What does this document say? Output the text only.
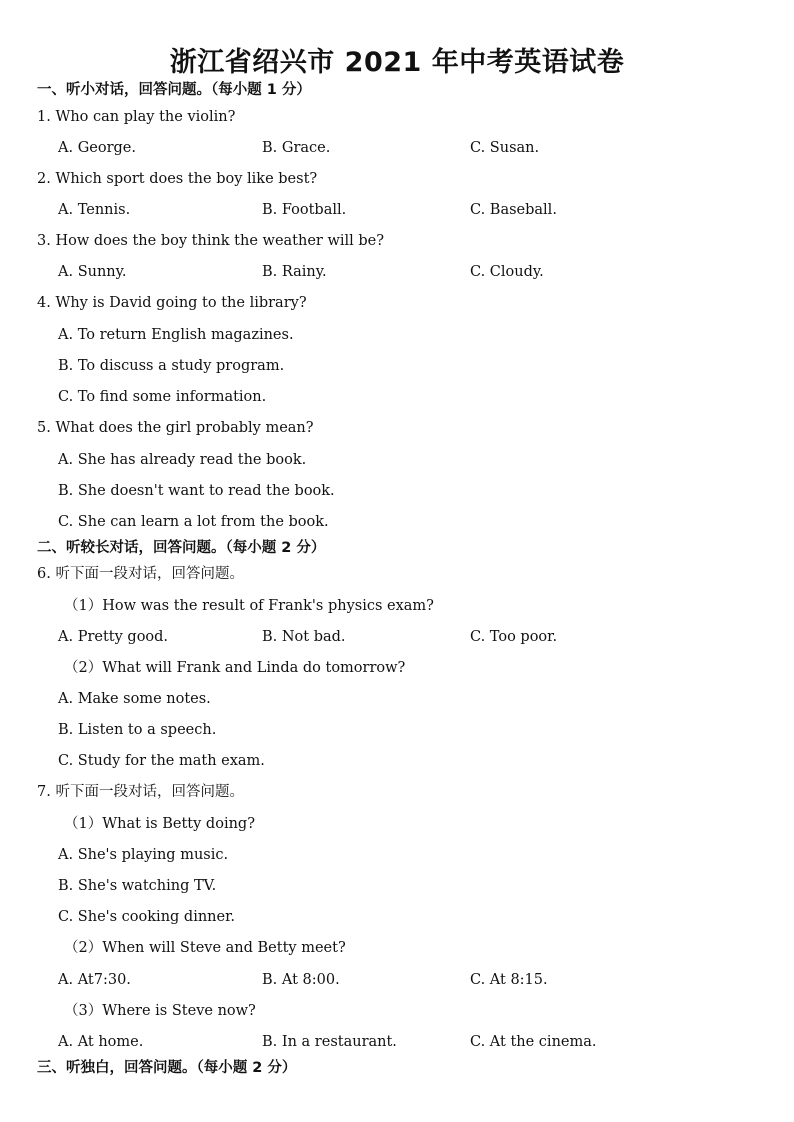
浙江省绍兴市 2021 年中考英语试卷
一、听小对话，回答问题。（每小题 1 分）
1. Who can play the violin?
A. George.	B. Grace.	C. Susan.
2. Which sport does the boy like best?
A. Tennis.	B. Football.	C. Baseball.
3. How does the boy think the weather will be?
A. Sunny.	B. Rainy.	C. Cloudy.
4. Why is David going to the library?
A. To return English magazines.
B. To discuss a study program.
C. To find some information.
5. What does the girl probably mean?
A. She has already read the book.
B. She doesn't want to read the book.
C. She can learn a lot from the book.
二、听较长对话，回答问题。（每小题 2 分）
6. 听下面一段对话，回答问题。
（1）How was the result of Frank's physics exam?
A. Pretty good.	B. Not bad.	C. Too poor.
（2）What will Frank and Linda do tomorrow?
A. Make some notes.
B. Listen to a speech.
C. Study for the math exam.
7. 听下面一段对话，回答问题。
（1）What is Betty doing?
A. She's playing music.
B. She's watching TV.
C. She's cooking dinner.
（2）When will Steve and Betty meet?
A. At7:30.	B. At 8:00.	C. At 8:15.
（3）Where is Steve now?
A. At home.	B. In a restaurant.	C. At the cinema.
三、听独白，回答问题。（每小题 2 分）
